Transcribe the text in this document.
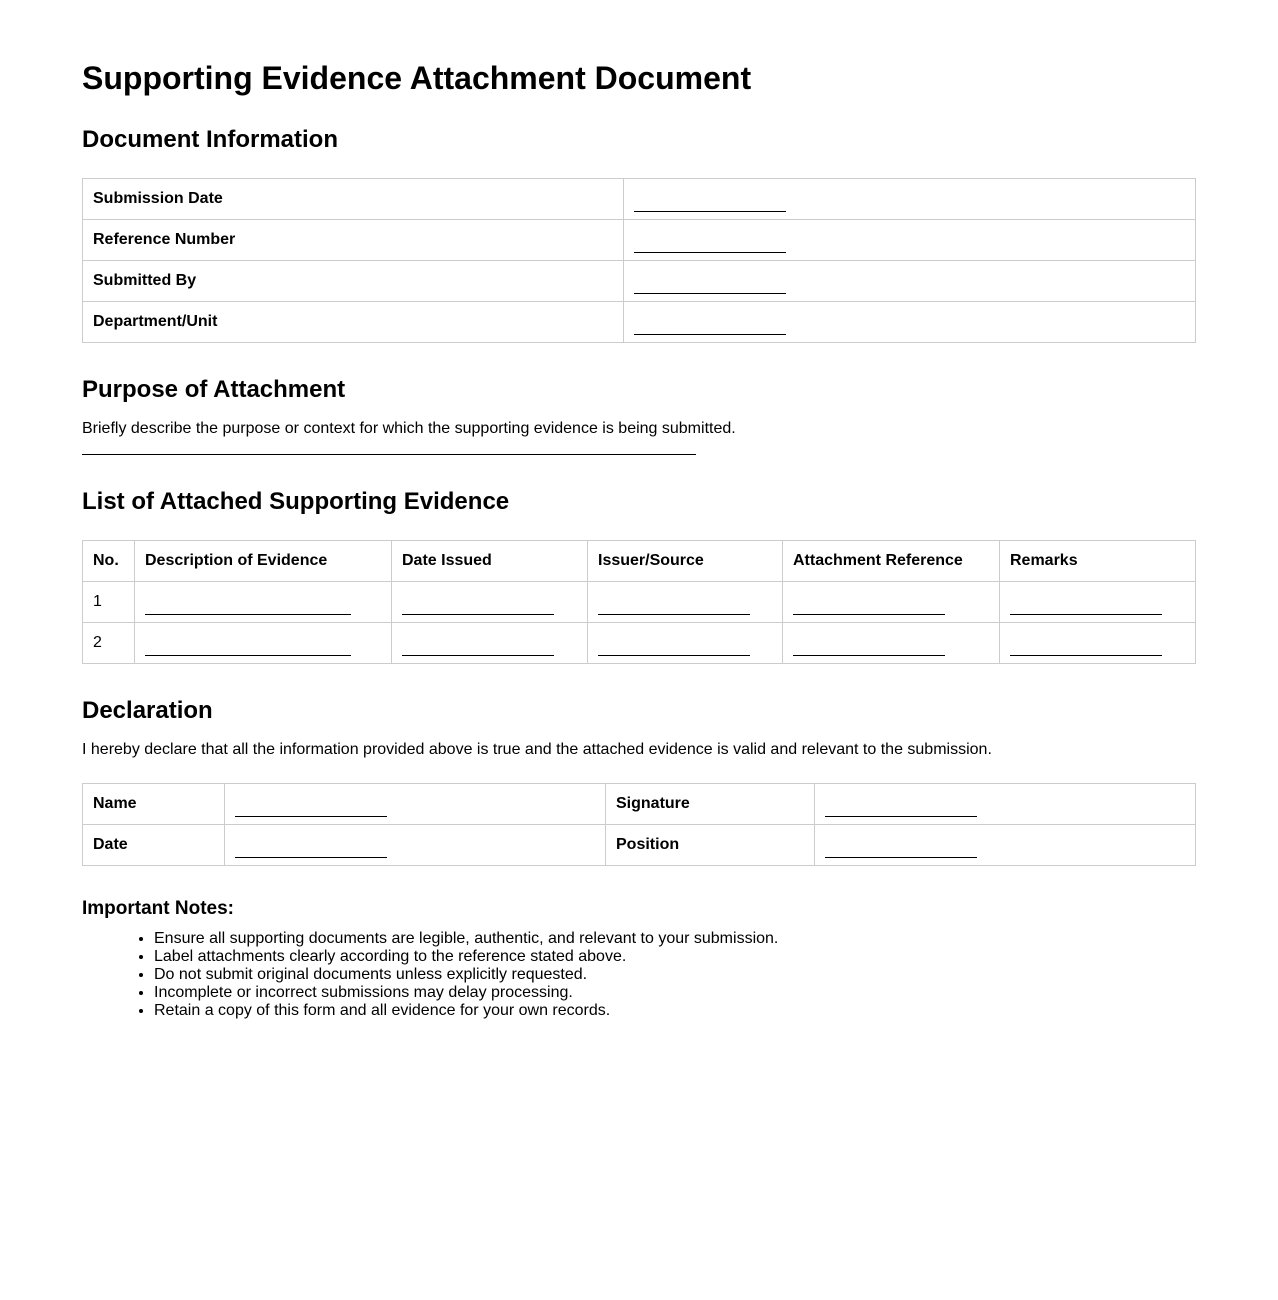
Supporting Evidence Attachment Document
Document Information
Submission Date	
Reference Number	
Submitted By	
Department/Unit	
Purpose of Attachment
Briefly describe the purpose or context for which the supporting evidence is being submitted.
List of Attached Supporting Evidence
No.	Description of Evidence	Date Issued	Issuer/Source	Attachment Reference	Remarks
1					
2					
Declaration
I hereby declare that all the information provided above is true and the attached evidence is valid and relevant to the submission.
Name		Signature	
Date		Position	
Important Notes:
• Ensure all supporting documents are legible, authentic, and relevant to your submission.
• Label attachments clearly according to the reference stated above.
• Do not submit original documents unless explicitly requested.
• Incomplete or incorrect submissions may delay processing.
• Retain a copy of this form and all evidence for your own records.
